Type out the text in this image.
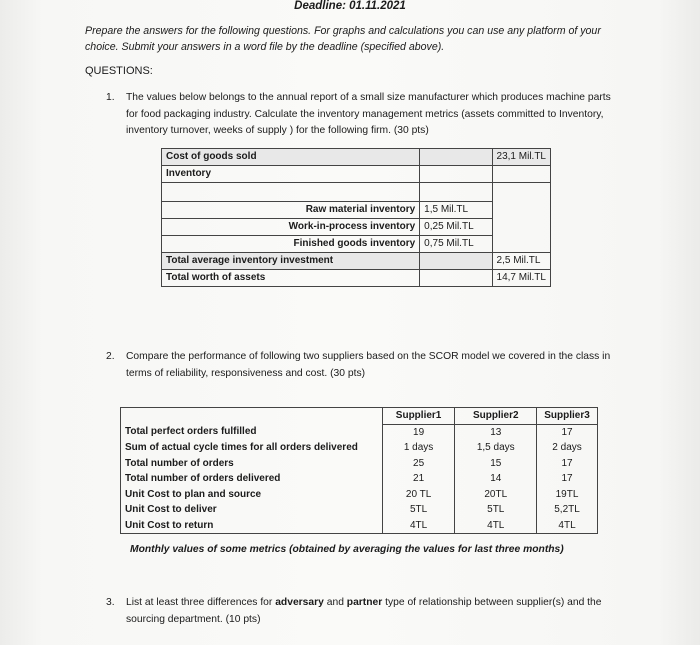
Deadline: 01.11.2021
Prepare the answers for the following questions. For graphs and calculations you can use any platform of your choice. Submit your answers in a word file by the deadline (specified above).
QUESTIONS:
1. The values below belongs to the annual report of a small size manufacturer which produces machine parts for food packaging industry. Calculate the inventory management metrics (assets committed to Inventory, inventory turnover, weeks of supply ) for the following firm. (30 pts)
Cost of goods sold		23,1 Mil.TL
Inventory		

Raw material inventory	1,5 Mil.TL	
Work-in-process inventory	0,25 Mil.TL	
Finished goods inventory	0,75 Mil.TL	
Total average inventory investment		2,5 Mil.TL
Total worth of assets		14,7 Mil.TL
2. Compare the performance of following two suppliers based on the SCOR model we covered in the class in terms of reliability, responsiveness and cost. (30 pts)
	Supplier1	Supplier2	Supplier3
Total perfect orders fulfilled	19	13	17
Sum of actual cycle times for all orders delivered	1 days	1,5 days	2 days
Total number of orders	25	15	17
Total number of orders delivered	21	14	17
Unit Cost to plan and source	20 TL	20TL	19TL
Unit Cost to deliver	5TL	5TL	5,2TL
Unit Cost to return	4TL	4TL	4TL
Monthly values of some metrics (obtained by averaging the values for last three months)
3. List at least three differences for adversary and partner type of relationship between supplier(s) and the sourcing department. (10 pts)
